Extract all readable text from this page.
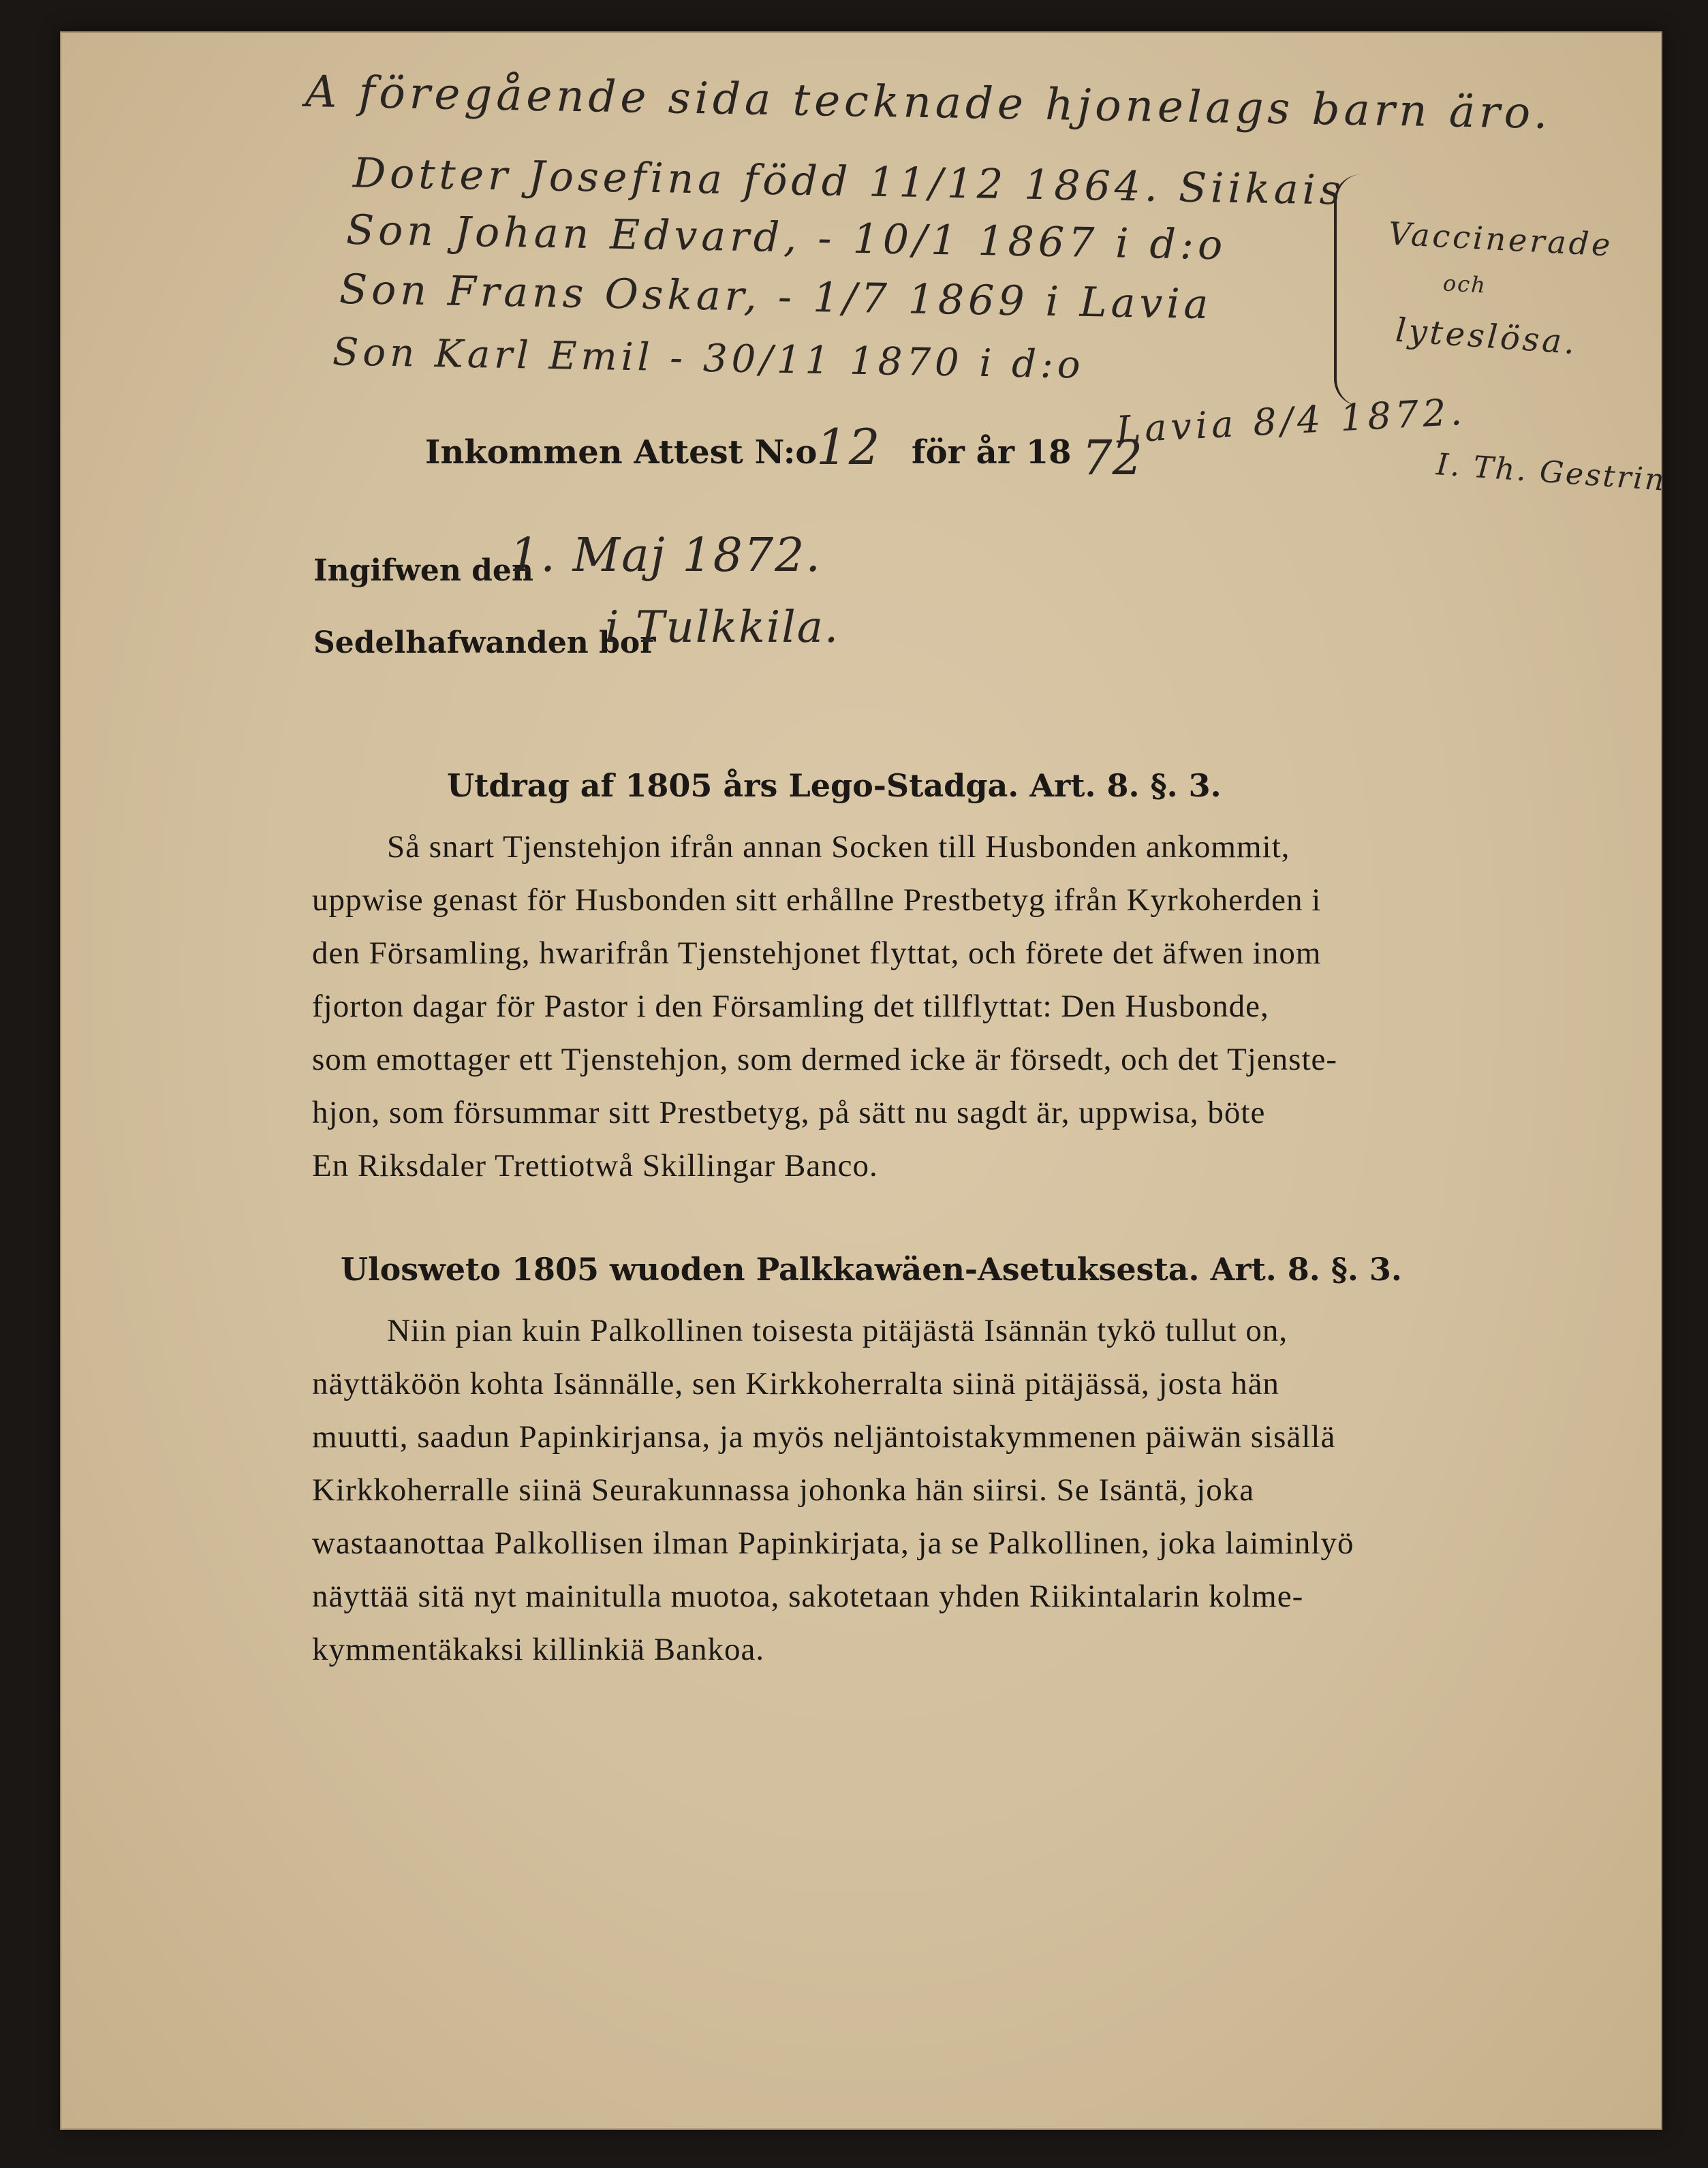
A föregående sida tecknade hjonelags barn äro.
Dotter Josefina född 11/12 1864. Siikais
Son Johan Edvard, - 10/1 1867 i d:o
Son Frans Oskar, - 1/7 1869 i Lavia
Son Karl Emil - 30/11 1870 i d:o
Vaccinerade
och
lyteslösa.
Lavia 8/4 1872.
I. Th. Gestrin
Inkommen Attest N:o
12 för år 18 72
Ingifwen den
1. Maj 1872.
Sedelhafwanden bor
i Tulkkila.
Utdrag af 1805 års Lego-Stadga. Art. 8. §. 3.
Så snart Tjenstehjon ifrån annan Socken till Husbonden ankommit,
uppwise genast för Husbonden sitt erhållne Prestbetyg ifrån Kyrkoherden i
den Församling, hwarifrån Tjenstehjonet flyttat, och förete det äfwen inom
fjorton dagar för Pastor i den Församling det tillflyttat: Den Husbonde,
som emottager ett Tjenstehjon, som dermed icke är försedt, och det Tjenste-
hjon, som försummar sitt Prestbetyg, på sätt nu sagdt är, uppwisa, böte
En Riksdaler Trettiotwå Skillingar Banco.
Ulosweto 1805 wuoden Palkkawäen-Asetuksesta. Art. 8. §. 3.
Niin pian kuin Palkollinen toisesta pitäjästä Isännän tykö tullut on,
näyttäköön kohta Isännälle, sen Kirkkoherralta siinä pitäjässä, josta hän
muutti, saadun Papinkirjansa, ja myös neljäntoistakymmenen päiwän sisällä
Kirkkoherralle siinä Seurakunnassa johonka hän siirsi. Se Isäntä, joka
wastaanottaa Palkollisen ilman Papinkirjata, ja se Palkollinen, joka laiminlyö
näyttää sitä nyt mainitulla muotoa, sakotetaan yhden Riikintalarin kolme-
kymmentäkaksi killinkiä Bankoa.
